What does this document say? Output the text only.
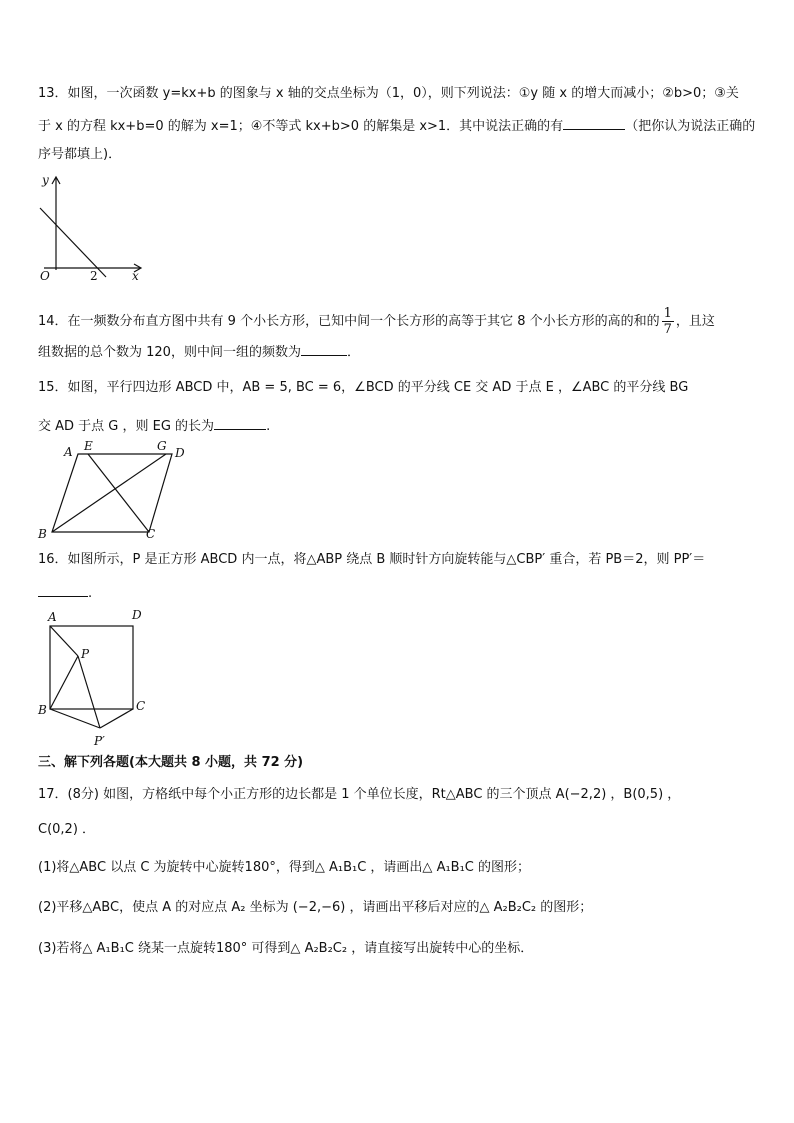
13．如图，一次函数 y=kx+b 的图象与 x 轴的交点坐标为（1，0），则下列说法：①y 随 x 的增大而减小；②b>0；③关
于 x 的方程 kx+b=0 的解为 x=1；④不等式 kx+b>0 的解集是 x>1．其中说法正确的有	（把你认为说法正确的
序号都填上)．
y
x
O	2
14．在一频数分布直方图中共有 9 个小长方形，已知中间一个长方形的高等于其它 8 个小长方形的高的和的 $\frac{1}{7}$ ，且这
组数据的总个数为 120，则中间一组的频数为	．
15．如图，平行四边形 ABCD 中，AB = 5, BC = 6，∠BCD 的平分线 CE 交 AD 于点 E ，∠ABC 的平分线 BG
交 AD 于点 G ，则 EG 的长为	.
A E	G D
B	C
16．如图所示，P 是正方形 ABCD 内一点，将△ABP 绕点 B 顺时针方向旋转能与△CBP′ 重合，若 PB＝2，则 PP′＝
.
A	D
P
B	C
P′
三、解下列各题(本大题共 8 小题，共 72 分)
17．(8分) 如图，方格纸中每个小正方形的边长都是 1 个单位长度，Rt△ABC 的三个顶点 A(−2,2) ，B(0,5) ，
C(0,2) ．
(1)将△ABC 以点 C 为旋转中心旋转180°，得到△ A₁B₁C ，请画出△ A₁B₁C 的图形；
(2)平移△ABC，使点 A 的对应点 A₂ 坐标为 (−2,−6) ，请画出平移后对应的△ A₂B₂C₂ 的图形；
(3)若将△ A₁B₁C 绕某一点旋转180° 可得到△ A₂B₂C₂ ，请直接写出旋转中心的坐标．
